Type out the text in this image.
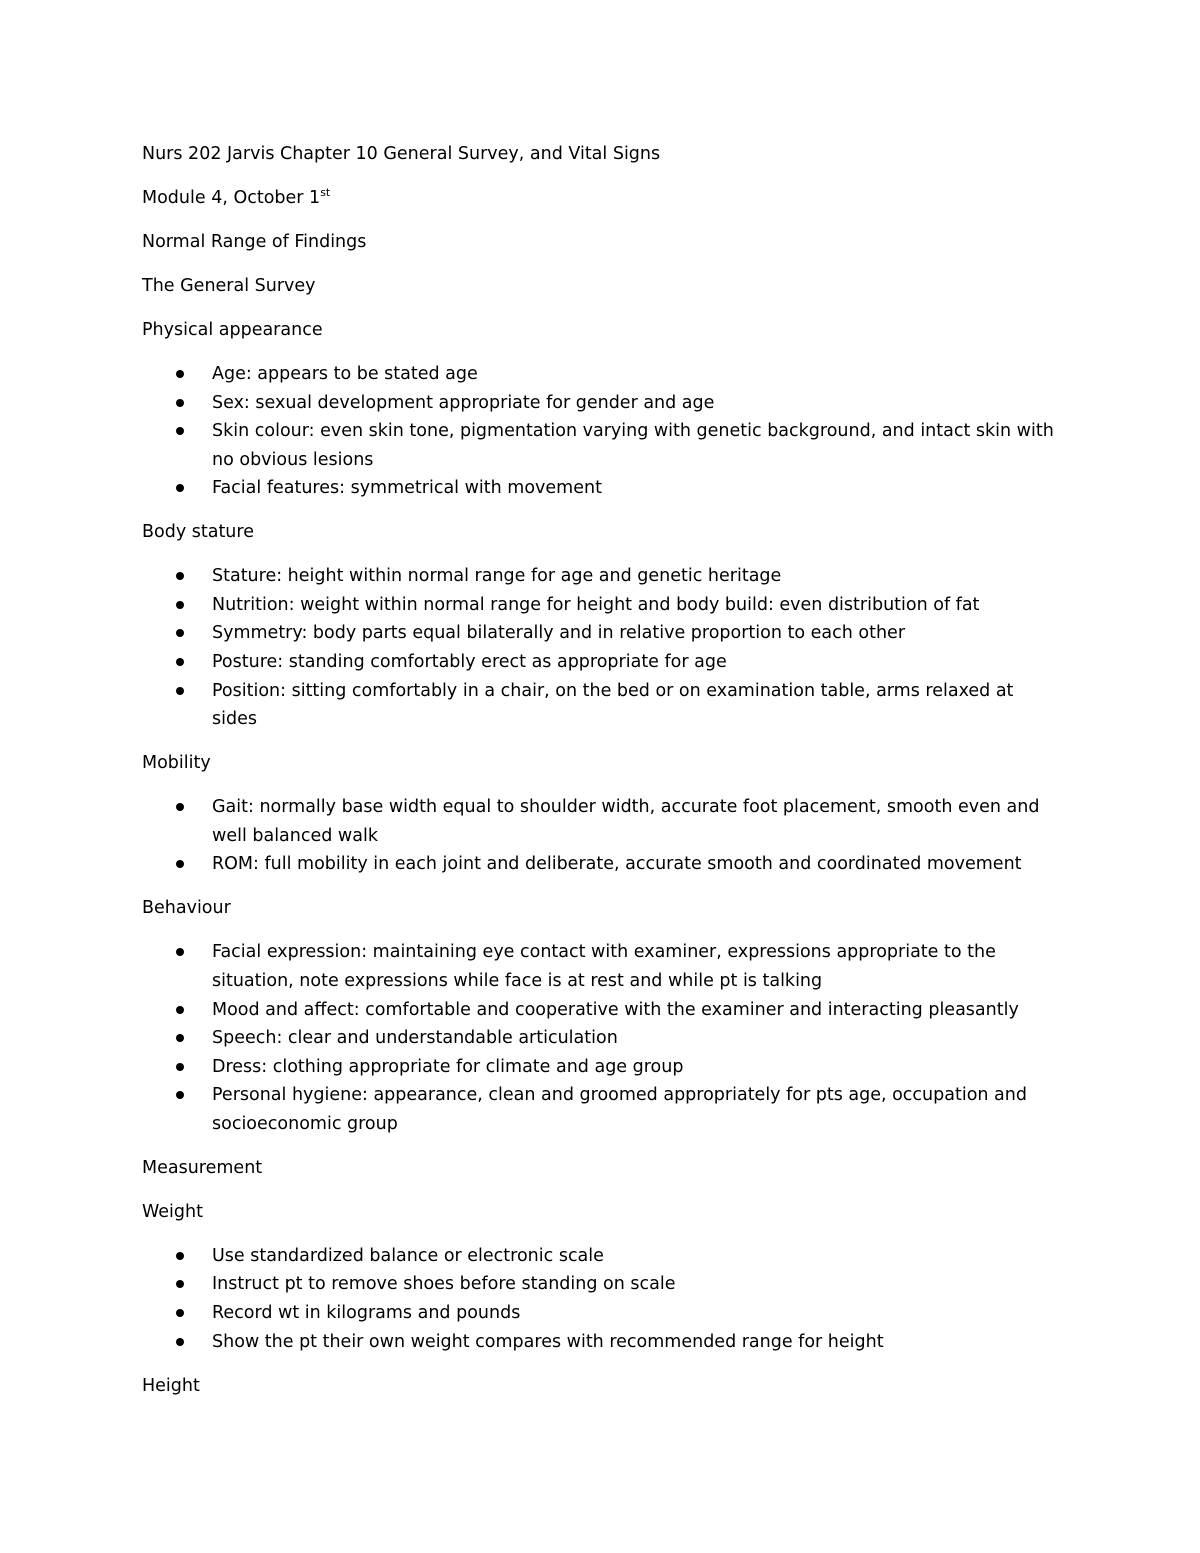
Nurs 202 Jarvis Chapter 10 General Survey, and Vital Signs

Module 4, October 1st

Normal Range of Findings

The General Survey

Physical appearance

Age: appears to be stated age
Sex: sexual development appropriate for gender and age
Skin colour: even skin tone, pigmentation varying with genetic background, and intact skin with no obvious lesions
Facial features: symmetrical with movement

Body stature

Stature: height within normal range for age and genetic heritage
Nutrition: weight within normal range for height and body build: even distribution of fat
Symmetry: body parts equal bilaterally and in relative proportion to each other
Posture: standing comfortably erect as appropriate for age
Position: sitting comfortably in a chair, on the bed or on examination table, arms relaxed at sides

Mobility

Gait: normally base width equal to shoulder width, accurate foot placement, smooth even and well balanced walk
ROM: full mobility in each joint and deliberate, accurate smooth and coordinated movement

Behaviour

Facial expression: maintaining eye contact with examiner, expressions appropriate to the situation, note expressions while face is at rest and while pt is talking
Mood and affect: comfortable and cooperative with the examiner and interacting pleasantly
Speech: clear and understandable articulation
Dress: clothing appropriate for climate and age group
Personal hygiene: appearance, clean and groomed appropriately for pts age, occupation and socioeconomic group

Measurement

Weight

Use standardized balance or electronic scale
Instruct pt to remove shoes before standing on scale
Record wt in kilograms and pounds
Show the pt their own weight compares with recommended range for height

Height
